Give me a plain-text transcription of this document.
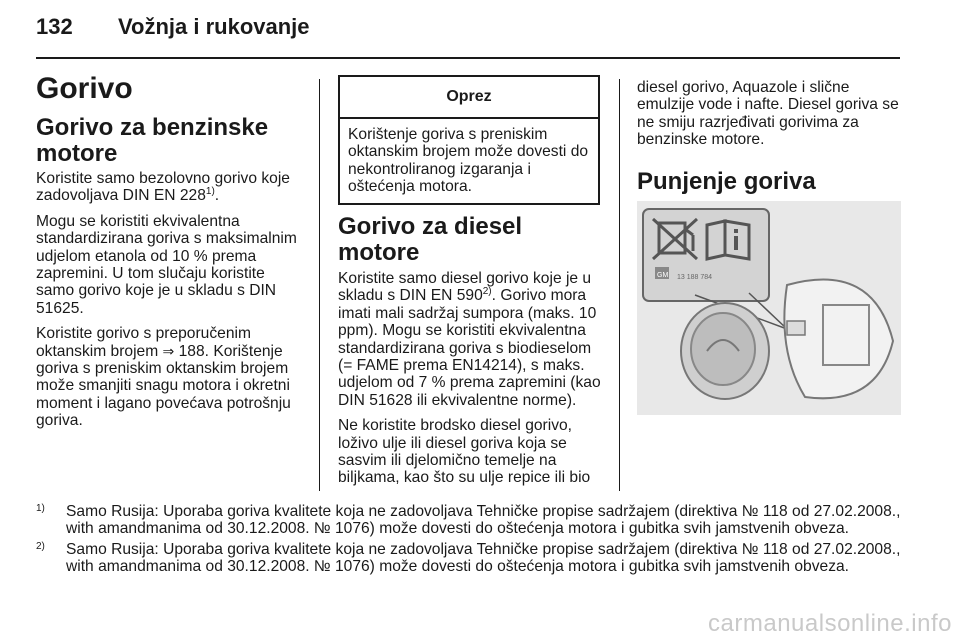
132 Vožnja i rukovanje
Gorivo
Gorivo za benzinske motore
Koristite samo bezolovno gorivo koje zadovoljava DIN EN 228$^{1)}$.
Mogu se koristiti ekvivalentna standardizirana goriva s maksimalnim udjelom etanola od 10 % prema zapremini. U tom slučaju koristite samo gorivo koje je u skladu s DIN 51625.
Koristite gorivo s preporučenim oktanskim brojem ⇒ 188. Korištenje goriva s preniskim oktanskim brojem može smanjiti snagu motora i okretni moment i lagano povećava potrošnju goriva.
Oprez
Korištenje goriva s preniskim oktanskim brojem može dovesti do nekontroliranog izgaranja i oštećenja motora.
Gorivo za diesel motore
Koristite samo diesel gorivo koje je u skladu s DIN EN 590$^{2)}$. Gorivo mora imati mali sadržaj sumpora (maks. 10 ppm). Mogu se koristiti ekvivalentna standardizirana goriva s biodieselom (= FAME prema EN14214), s maks. udjelom od 7 % prema zapremini (kao DIN 51628 ili ekvivalentne norme).
Ne koristite brodsko diesel gorivo, loživo ulje ili diesel goriva koja se sasvim ili djelomično temelje na biljkama, kao što su ulje repice ili bio
diesel gorivo, Aquazole i slične emulzije vode i nafte. Diesel goriva se ne smiju razrjeđivati gorivima za benzinske motore.
Punjenje goriva
GM 13 188 784
1) Samo Rusija: Uporaba goriva kvalitete koja ne zadovoljava Tehničke propise sadržajem (direktiva № 118 od 27.02.2008., with amandmanima od 30.12.2008. № 1076) može dovesti do oštećenja motora i gubitka svih jamstvenih obveza.
2) Samo Rusija: Uporaba goriva kvalitete koja ne zadovoljava Tehničke propise sadržajem (direktiva № 118 od 27.02.2008., with amandmanima od 30.12.2008. № 1076) može dovesti do oštećenja motora i gubitka svih jamstvenih obveza.
carmanualsonline.info
